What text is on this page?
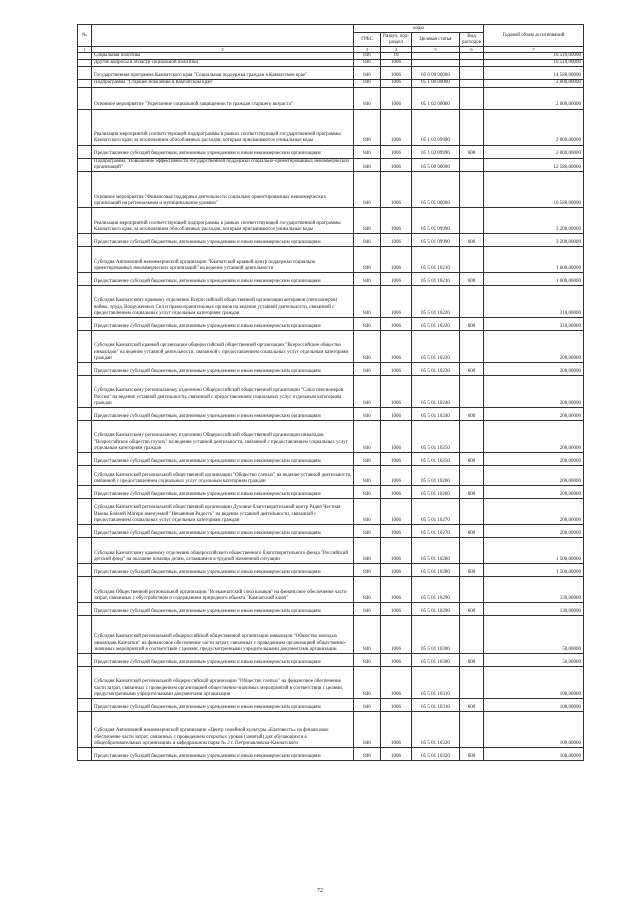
№		коды				Годовой объем ассигнований
		ГРБС	Раздел, под-раздел	Целевая статья	Вид расходов	
1	2	3	4	5	6	7
	Социальная политика	846	10			16 510,00000
	Другие вопросы в области социальной политики	846	1006			16 510,00000
	Государственная программа Камчатского края "Социальная поддержка граждан в Камчатском крае"	846	1006	05 0 00 00000		14 580,00000
	Подпрограмма "Старшее поколение в Камчатском крае"	846	1006	05 1 00 00000		2 000,00000
	Основное мероприятие "Укрепление социальной защищенности граждан старшего возраста"	846	1006	05 1 02 00000		2 000,00000
	Реализация мероприятий соответствующей подпрограммы в рамках соответствующей государственной программы Камчатского края, за исключением обособленных расходов, которым присваиваются уникальные коды	846	1006	05 1 02 09990		2 000,00000
	Предоставление субсидий бюджетным, автономным учреждениям и иным некоммерческим организациям	846	1006	05 1 02 09990	600	2 000,00000
	Подпрограмма "Повышение эффективности государственной поддержки социально-ориентированных некоммерческих организаций"	846	1006	05 5 00 00000		12 580,00000
	Основное мероприятие "Финансовая поддержка деятельности социально ориентированных некоммерческих организаций на региональном и муниципальном уровнях"	846	1006	05 5 01 00000		10 580,00000
	Реализация мероприятий соответствующей подпрограммы в рамках соответствующей государственной программы Камчатского края, за исключением обособленных расходов, которым присваиваются уникальные коды	846	1006	05 5 01 09990		3 200,00000
	Предоставление субсидий бюджетным, автономным учреждениям и иным некоммерческим организациям	846	1006	05 5 01 09990	600	3 200,00000
	Субсидия Автономной некоммерческой организации "Камчатский краевой центр поддержки социально ориентированных некоммерческих организаций" на ведение уставной деятельности	846	1006	05 5 01 10210		1 600,00000
	Предоставление субсидий бюджетным, автономным учреждениям и иным некоммерческим организациям	846	1006	05 5 01 10210	600	1 600,00000
	Субсидия Камчатскому краевому отделению Всероссийской общественной организации ветеранов (пенсионеров) войны, труда, Вооруженных Сил и правоохранительных органов на ведение уставной деятельности, связанной с предоставлением социальных услуг отдельным категориям граждан	846	1006	05 5 01 10220		310,00000
	Предоставление субсидий бюджетным, автономным учреждениям и иным некоммерческим организациям	846	1006	05 5 01 10220	600	310,00000
	Субсидия Камчатской краевой организации общероссийской общественной организации "Всероссийское общество инвалидов" на ведение уставной деятельности, связанной с предоставлением социальных услуг отдельным категориям граждан	846	1006	05 5 01 10230		200,00000
	Предоставление субсидий бюджетным, автономным учреждениям и иным некоммерческим организациям	846	1006	05 5 01 10230	600	200,00000
	Субсидия Камчатскому региональному отделению Общероссийской общественной организации "Союз пенсионеров России" на ведение уставной деятельности, связанной с предоставлением социальных услуг отдельным категориям граждан	846	1006	05 5 01 10240		200,00000
	Предоставление субсидий бюджетным, автономным учреждениям и иным некоммерческим организациям	846	1006	05 5 01 10240	600	200,00000
	Субсидия Камчатскому региональному отделению Общероссийской общественной организации инвалидов "Всероссийское общество глухих" на ведение уставной деятельности, связанной с предоставлением социальных услуг отдельным категориям граждан	846	1006	05 5 01 10250		200,00000
	Предоставление субсидий бюджетным, автономным учреждениям и иным некоммерческим организациям	846	1006	05 5 01 10250	600	200,00000
	Субсидия Камчатской региональной общественной организации "Общество слепых" на ведение уставной деятельности, связанной с предоставлением социальных услуг отдельным категориям граждан	846	1006	05 5 01 10260		200,00000
	Предоставление субсидий бюджетным, автономным учреждениям и иным некоммерческим организациям	846	1006	05 5 01 10260	600	200,00000
	Субсидия Камчатской региональной общественной организации Духовно-благотворительный центр Радио Честная Иконы Божией Матери именуемой "Нечаянная Радость" на ведение уставной деятельности, связанной с предоставлением социальных услуг отдельным категориям граждан	846	1006	05 5 01 10270		200,00000
	Предоставление субсидий бюджетным, автономным учреждениям и иным некоммерческим организациям	846	1006	05 5 01 10270	600	200,00000
	Субсидия Камчатскому краевому отделению общероссийского общественного благотворительного фонда "Российский детский фонд" на оказание помощи детям, оставшимся в трудной жизненной ситуации	846	1006	05 5 01 10280		1 500,00000
	Предоставление субсидий бюджетным, автономным учреждениям и иным некоммерческим организациям	846	1006	05 5 01 10280	600	1 500,00000
	Субсидия Общественной региональной организации "Всекамчатский союз казаков" на финансовое обеспечение части затрат, связанных с обустройством и содержанием природного объекта "Камчатский ключ"	846	1006	05 5 01 10290		130,00000
	Предоставление субсидий бюджетным, автономным учреждениям и иным некоммерческим организациям	846	1006	05 5 01 10290	600	130,00000
	Субсидия Камчатской региональной общероссийской общественной организации инвалидов "Общество молодых инвалидов Камчатки" на финансовое обеспечение части затрат, связанных с проведением организацией общественно-значимых мероприятий в соответствии с целями, предусмотренными учредительными документами организации	846	1006	05 5 01 10300		50,00000
	Предоставление субсидий бюджетным, автономным учреждениям и иным некоммерческим организациям	846	1006	05 5 01 10300	600	50,00000
	Субсидия Камчатской региональной общероссийской организации "Общество слепых" на финансовое обеспечение части затрат, связанных с проведением организацией общественно-значимых мероприятий в соответствии с целями, предусмотренными учредительными документами организации	846	1006	05 5 01 10310		100,00000
	Предоставление субсидий бюджетным, автономным учреждениям и иным некоммерческим организациям	846	1006	05 5 01 10310	600	100,00000
	Субсидия Автономной некоммерческой организации «Центр семейной культуры «Благовесть» на финансовое обеспечение части затрат, связанных с проведением открытых уроков (занятий) для обучающихся в общеобразовательных организациях в кафедральном парке № 2 г. Петропавловска-Камчатского	846	1006	05 5 01 10320		100,00000
	Предоставление субсидий бюджетным, автономным учреждениям и иным некоммерческим организациям	846	1006	05 5 01 10320	600	100,00000
72
